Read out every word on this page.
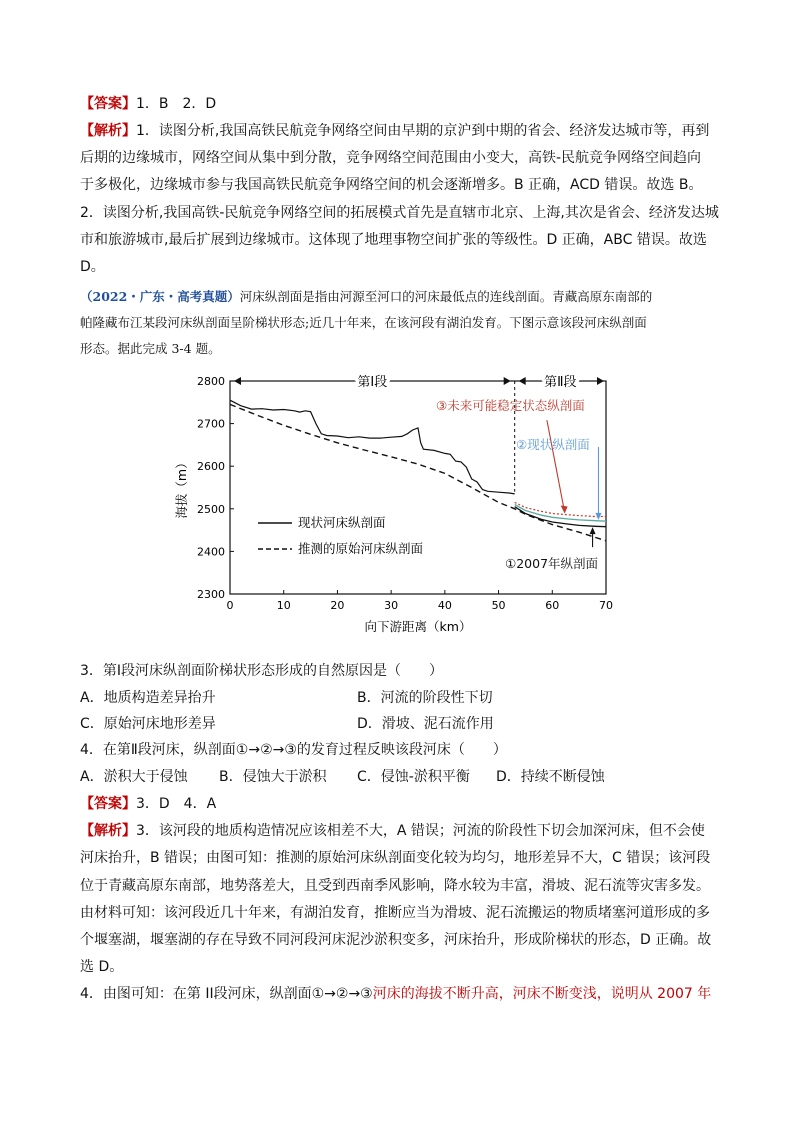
【答案】1．B　2．D
【解析】1．读图分析,我国高铁民航竞争网络空间由早期的京沪到中期的省会、经济发达城市等，再到
后期的边缘城市，网络空间从集中到分散，竞争网络空间范围由小变大，高铁-民航竞争网络空间趋向
于多极化，边缘城市参与我国高铁民航竞争网络空间的机会逐渐增多。B 正确，ACD 错误。故选 B。
2．读图分析,我国高铁-民航竞争网络空间的拓展模式首先是直辖市北京、上海,其次是省会、经济发达城
市和旅游城市,最后扩展到边缘城市。这体现了地理事物空间扩张的等级性。D 正确，ABC 错误。故选
D。
（2022・广东・高考真题）河床纵剖面是指由河源至河口的河床最低点的连线剖面。青藏高原东南部的
帕隆藏布江某段河床纵剖面呈阶梯状形态;近几十年来，在该河段有湖泊发育。下图示意该段河床纵剖面
形态。据此完成 3-4 题。
0	10	20	30	40	50	60	70
2300
2400
2500
2600
2700
2800	第Ⅰ段	第Ⅱ段
现状河床纵剖面
推测的原始河床纵剖面
③未来可能稳定状态纵剖面
②现状纵剖面
①2007年纵剖面
向下游距离（km）
海拔（m）
3．第Ⅰ段河床纵剖面阶梯状形态形成的自然原因是（　　）
A．地质构造差异抬升	B．河流的阶段性下切
C．原始河床地形差异	D．滑坡、泥石流作用
4．在第Ⅱ段河床，纵剖面①→②→③的发育过程反映该段河床（　　）
A．淤积大于侵蚀 B．侵蚀大于淤积 C．侵蚀-淤积平衡 D．持续不断侵蚀
【答案】3．D　4．A
【解析】3．该河段的地质构造情况应该相差不大，A 错误；河流的阶段性下切会加深河床，但不会使
河床抬升，B 错误；由图可知：推测的原始河床纵剖面变化较为均匀，地形差异不大，C 错误；该河段
位于青藏高原东南部，地势落差大，且受到西南季风影响，降水较为丰富，滑坡、泥石流等灾害多发。
由材料可知：该河段近几十年来，有湖泊发育，推断应当为滑坡、泥石流搬运的物质堵塞河道形成的多
个堰塞湖，堰塞湖的存在导致不同河段河床泥沙淤积变多，河床抬升，形成阶梯状的形态，D 正确。故
选 D。
4．由图可知：在第 II段河床，纵剖面①→②→③河床的海拔不断升高，河床不断变浅，说明从 2007 年
